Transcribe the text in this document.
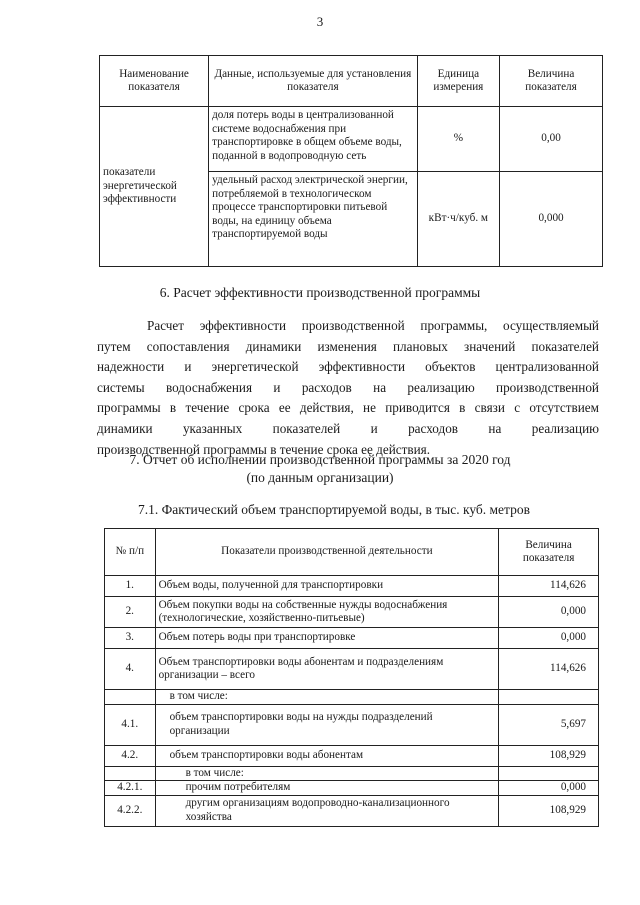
3
Наименование показателя	Данные, используемые для установления показателя	Единица измерения	Величина показателя
показатели энергетической эффективности	доля потерь воды в централизованной системе водоснабжения при транспортировке в общем объеме воды, поданной в водопроводную сеть	%	0,00
	удельный расход электрической энергии, потребляемой в технологическом процессе транспортировки питьевой воды, на единицу объема транспортируемой воды	кВт·ч/куб. м	0,000
6. Расчет эффективности производственной программы
Расчет эффективности производственной программы, осуществляемый
путем сопоставления динамики изменения плановых значений показателей
надежности и энергетической эффективности объектов централизованной
системы водоснабжения и расходов на реализацию производственной
программы в течение срока ее действия, не приводится в связи с отсутствием
динамики указанных показателей и расходов на реализацию
производственной программы в течение срока ее действия.
7. Отчет об исполнении производственной программы за 2020 год
(по данным организации)
7.1. Фактический объем транспортируемой воды, в тыс. куб. метров
№ п/п	Показатели производственной деятельности	Величина показателя
1.	Объем воды, полученной для транспортировки	114,626
2.	Объем покупки воды на собственные нужды водоснабжения (технологические, хозяйственно-питьевые)	0,000
3.	Объем потерь воды при транспортировке	0,000
4.	Объем транспортировки воды абонентам и подразделениям организации – всего	114,626
	в том числе:	
4.1.	объем транспортировки воды на нужды подразделений организации	5,697
4.2.	объем транспортировки воды абонентам	108,929
	в том числе:	
4.2.1.	прочим потребителям	0,000
4.2.2.	другим организациям водопроводно-канализационного хозяйства	108,929
